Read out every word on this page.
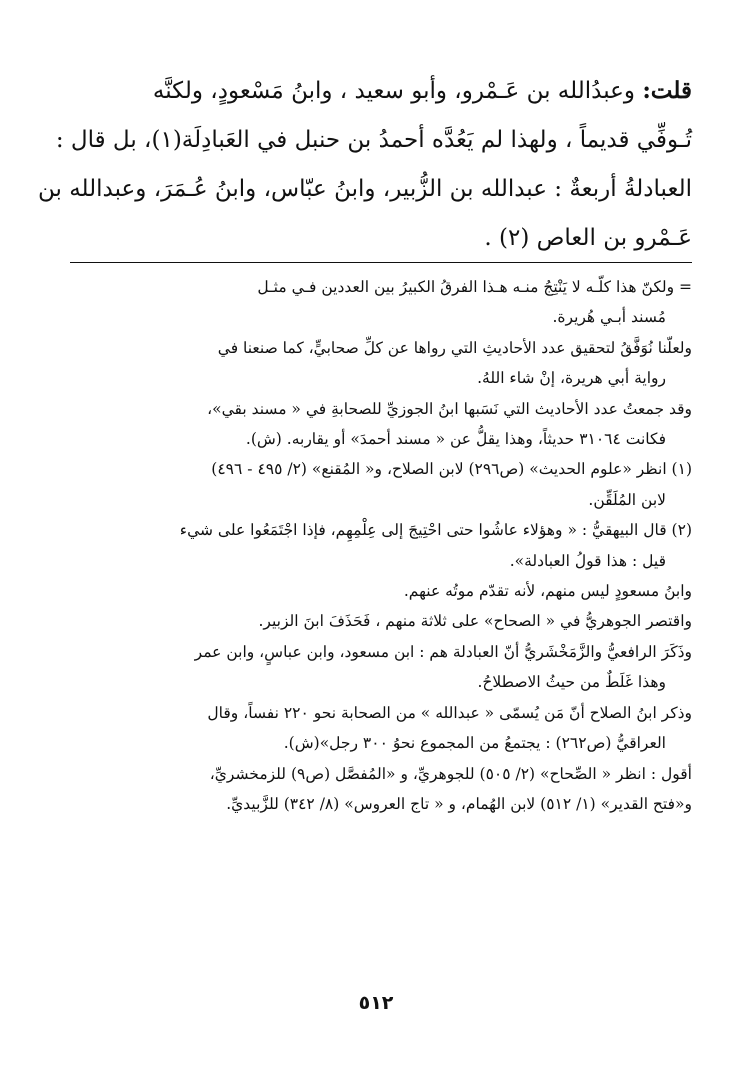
قلت: وعبدُالله بن عَـمْرو، وأبو سعيد ، وابنُ مَسْعودٍ، ولكنَّه
تُـوفِّي قديماً ، ولهذا لم يَعُدَّه أحمدُ بن حنبل في العَبادِلَة(١)، بل قال :
العبادلةُ أربعةٌ : عبدالله بن الزُّبير، وابنُ عبّاس، وابنُ عُـمَرَ، وعبدالله بن
عَـمْرو بن العاص (٢) .
= ولكنّ هذا كلّـه لا يَنْتِجُ منـه هـذا الفرقُ الكبيرُ بين العددين فـي مثـل
مُسند أبـي هُريرة.
ولعلّنا نُوَفَّقُ لتحقيق عدد الأحاديثِ التي رواها عن كلِّ صحابيٍّ، كما صنعنا في
رواية أبي هريرة، إنْ شاء اللهُ.
وقد جمعتُ عدد الأحاديث التي نَسَبها ابنُ الجوزيِّ للصحابةِ في « مسند بقي»،
فكانت ٣١٠٦٤ حديثاً، وهذا يقلُّ عن « مسند أحمدَ» أو يقاربه. (ش).
(١) انظر «علوم الحديث» (ص٢٩٦) لابن الصلاح، و« المُقنع» (٢/ ٤٩٥ - ٤٩٦)
لابن المُلَقِّن.
(٢) قال البيهقيُّ : « وهؤلاء عاشُوا حتى احْتِيجَ إلى عِلْمِهِم، فإذا اجْتَمَعُوا على شيء
قيل : هذا قولُ العبادلة».
وابنُ مسعودٍ ليس منهم، لأنه تقدّم موتُه عنهم.
واقتصر الجوهريُّ في « الصحاح» على ثلاثة منهم ، فَحَذَفَ ابنَ الزبير.
وذَكَرَ الرافعيُّ والزَّمَخْشَريُّ أنّ العبادلة هم : ابن مسعود، وابن عباسٍ، وابن عمر
وهذا غَلَطٌ من حيثُ الاصطلاحُ.
وذكر ابنُ الصلاح أنّ مَن يُسمّى « عبدالله » من الصحابة نحو ٢٢٠ نفساً، وقال
العراقيُّ (ص٢٦٢) : يجتمعُ من المجموع نحوُ ٣٠٠ رجل»(ش).
أقول : انظر « الصِّحاح» (٢/ ٥٠٥) للجوهريِّ، و «المُفصَّل (ص٩) للزمخشريِّ،
و«فتح القدير» (١/ ٥١٢) لابن الهُمام، و « تاج العروس» (٨/ ٣٤٢) للزَّبيديِّ.
٥١٢
